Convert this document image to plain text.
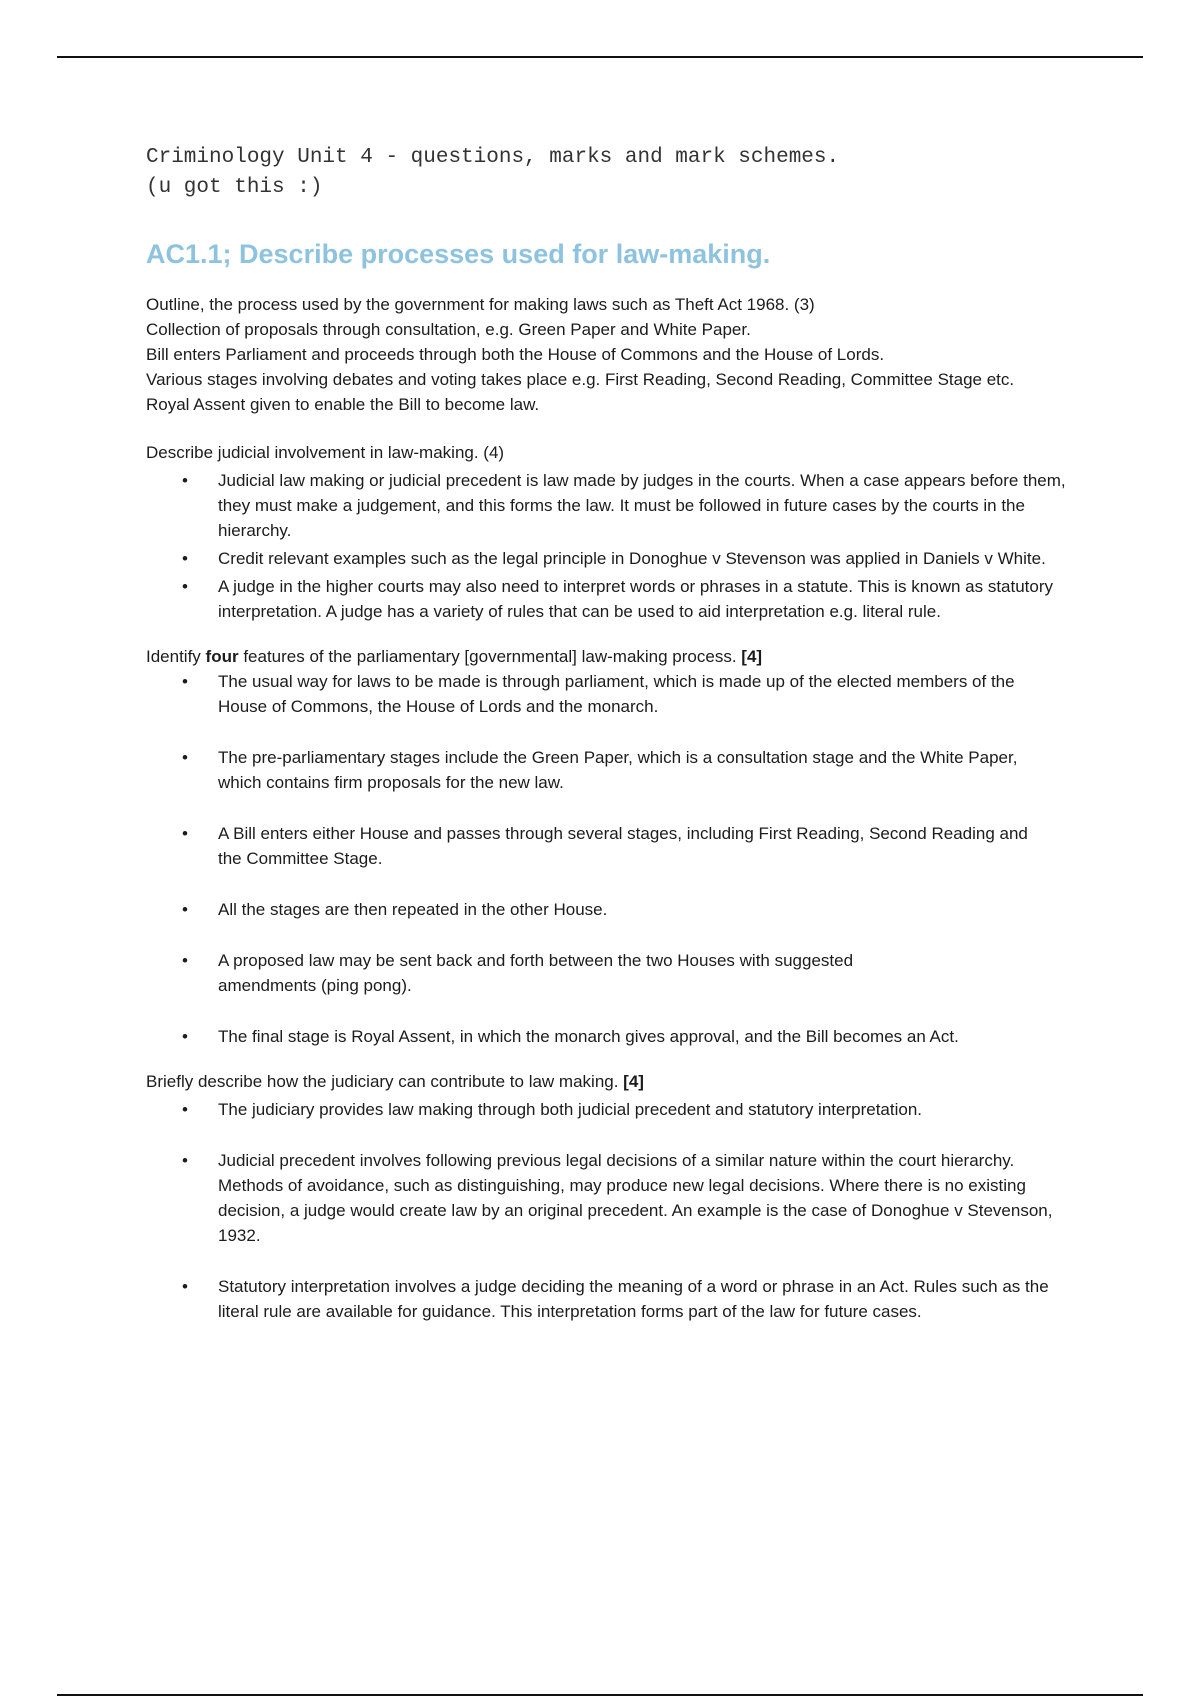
Criminology Unit 4 - questions, marks and mark schemes.

(u got this :)

AC1.1; Describe processes used for law-making.

Outline, the process used by the government for making laws such as Theft Act 1968. (3)

Collection of proposals through consultation, e.g. Green Paper and White Paper.

Bill enters Parliament and proceeds through both the House of Commons and the House of Lords.

Various stages involving debates and voting takes place e.g. First Reading, Second Reading, Committee Stage etc.

Royal Assent given to enable the Bill to become law.

Describe judicial involvement in law-making. (4)

• Judicial law making or judicial precedent is law made by judges in the courts. When a case appears before them, they must make a judgement, and this forms the law. It must be followed in future cases by the courts in the hierarchy.
• Credit relevant examples such as the legal principle in Donoghue v Stevenson was applied in Daniels v White.
• A judge in the higher courts may also need to interpret words or phrases in a statute. This is known as statutory interpretation. A judge has a variety of rules that can be used to aid interpretation e.g. literal rule.

Identify four features of the parliamentary [governmental] law-making process. [4]

• The usual way for laws to be made is through parliament, which is made up of the elected members of the House of Commons, the House of Lords and the monarch.
• The pre-parliamentary stages include the Green Paper, which is a consultation stage and the White Paper, which contains firm proposals for the new law.
• A Bill enters either House and passes through several stages, including First Reading, Second Reading and the Committee Stage.
• All the stages are then repeated in the other House.
• A proposed law may be sent back and forth between the two Houses with suggested amendments (ping pong).
• The final stage is Royal Assent, in which the monarch gives approval, and the Bill becomes an Act.

Briefly describe how the judiciary can contribute to law making. [4]

• The judiciary provides law making through both judicial precedent and statutory interpretation.
• Judicial precedent involves following previous legal decisions of a similar nature within the court hierarchy. Methods of avoidance, such as distinguishing, may produce new legal decisions. Where there is no existing decision, a judge would create law by an original precedent. An example is the case of Donoghue v Stevenson, 1932.
• Statutory interpretation involves a judge deciding the meaning of a word or phrase in an Act. Rules such as the literal rule are available for guidance. This interpretation forms part of the law for future cases.
